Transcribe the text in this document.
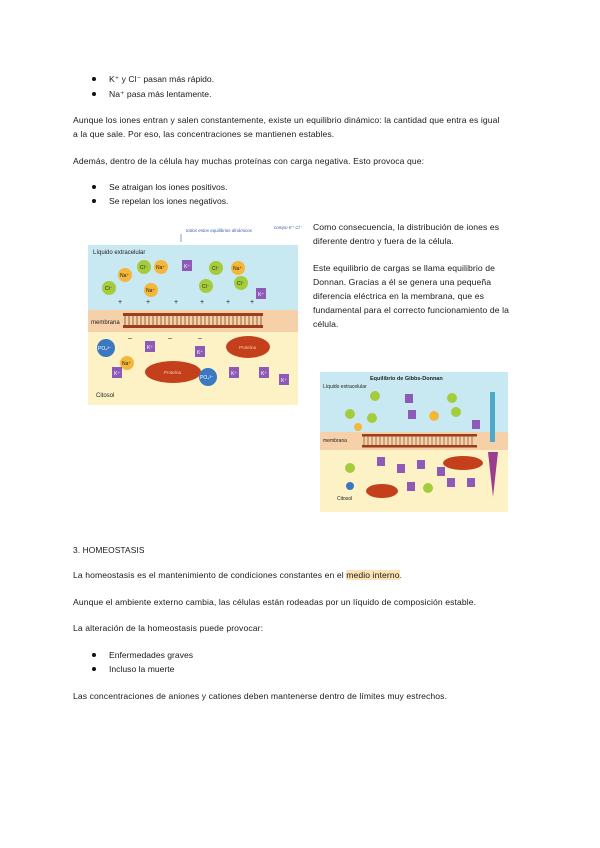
K⁺ y Cl⁻ pasan más rápido.
Na⁺ pasa más lentamente.
Aunque los iones entran y salen constantemente, existe un equilibrio dinámico: la cantidad que entra es igual
a la que sale. Por eso, las concentraciones se mantienen estables.
Además, dentro de la célula hay muchas proteínas con carga negativa. Esto provoca que:
Se atraigan los iones positivos.
Se repelan los iones negativos.
Como consecuencia, la distribución de iones es
diferente dentro y fuera de la célula.
Este equilibrio de cargas se llama equilibrio de
Donnan. Gracias a él se genera una pequeña
diferencia eléctrica en la membrana, que es
fundamental para el correcto funcionamiento de la
célula.
todos estos equilibrios dinámicos
compo K⁺ Cl⁻
Líquido extracelular
membrana
Citosol
+	+	+	+	+	+
–	–	–
Na⁺
Cl⁻ Na⁺
Cl⁻	Na⁺
Cl⁻	Na⁺
Cl⁻	Cl⁻
K⁺
K⁺
Proteína
Proteína
PO₄³⁻
PO₄³⁻
Na⁺
K⁺
K⁺
K⁺	K⁺	K⁺
K⁺	Equilibrio de Gibbs-Donnan
Líquido extracelular
membrana
Citosol
3. HOMEOSTASIS
La homeostasis es el mantenimiento de condiciones constantes en el medio interno.
Aunque el ambiente externo cambia, las células están rodeadas por un líquido de composición estable.
La alteración de la homeostasis puede provocar:
Enfermedades graves
Incluso la muerte
Las concentraciones de aniones y cationes deben mantenerse dentro de límites muy estrechos.
